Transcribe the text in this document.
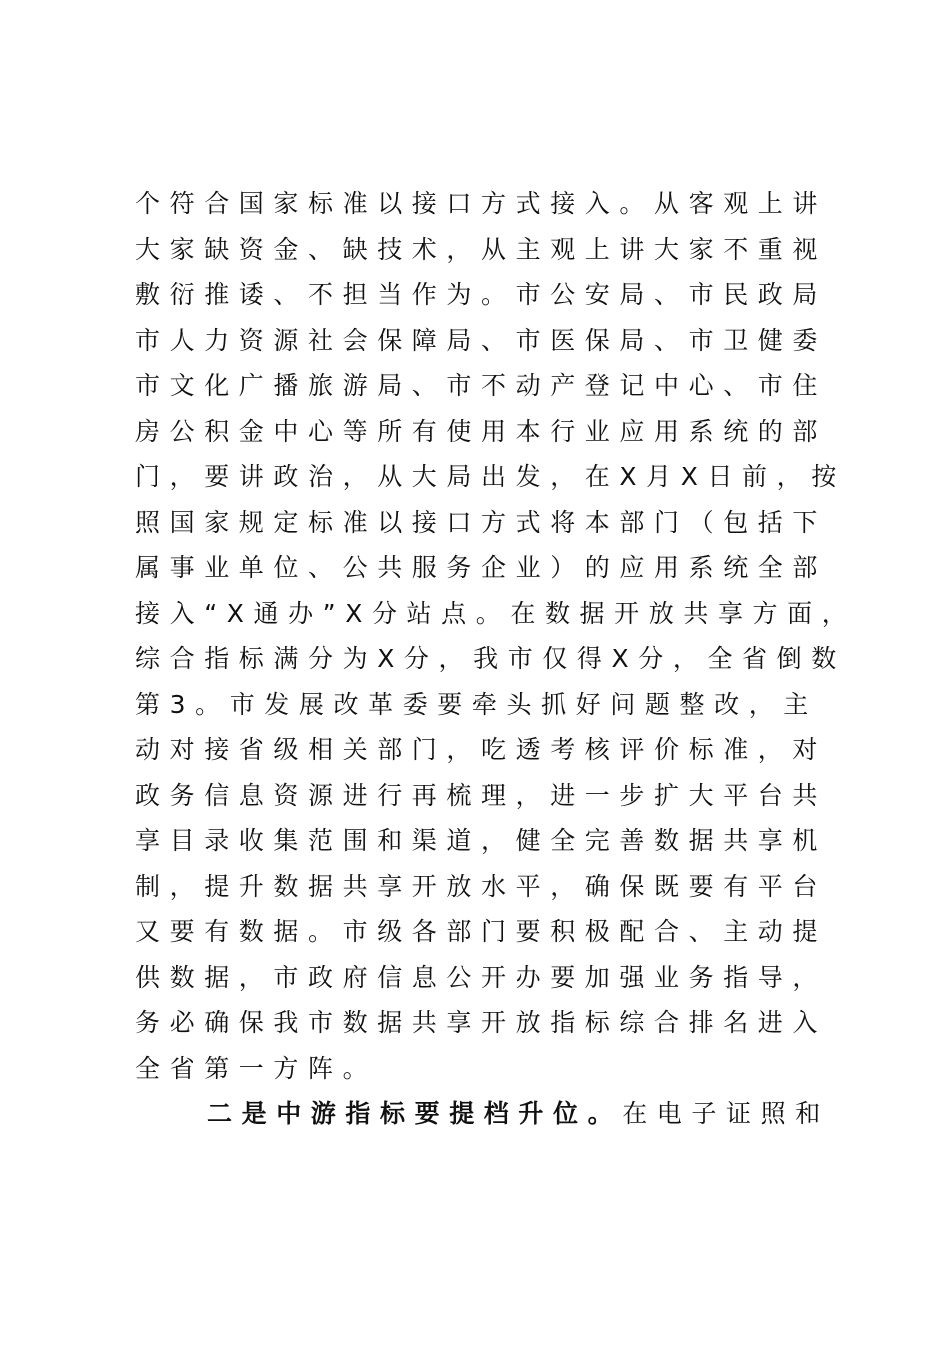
个符合国家标准以接口方式接入。从客观上讲
大家缺资金、缺技术，从主观上讲大家不重视
敷衍推诿、不担当作为。市公安局、市民政局
市人力资源社会保障局、市医保局、市卫健委
市文化广播旅游局、市不动产登记中心、市住
房公积金中心等所有使用本行业应用系统的部
门，要讲政治，从大局出发，在X月X日前，按
照国家规定标准以接口方式将本部门（包括下
属事业单位、公共服务企业）的应用系统全部
接入“X通办”X分站点。在数据开放共享方面，
综合指标满分为X分，我市仅得X分，全省倒数
第3。市发展改革委要牵头抓好问题整改，主
动对接省级相关部门，吃透考核评价标准，对
政务信息资源进行再梳理，进一步扩大平台共
享目录收集范围和渠道，健全完善数据共享机
制，提升数据共享开放水平，确保既要有平台
又要有数据。市级各部门要积极配合、主动提
供数据，市政府信息公开办要加强业务指导，
务必确保我市数据共享开放指标综合排名进入
全省第一方阵。
二是中游指标要提档升位。在电子证照和
